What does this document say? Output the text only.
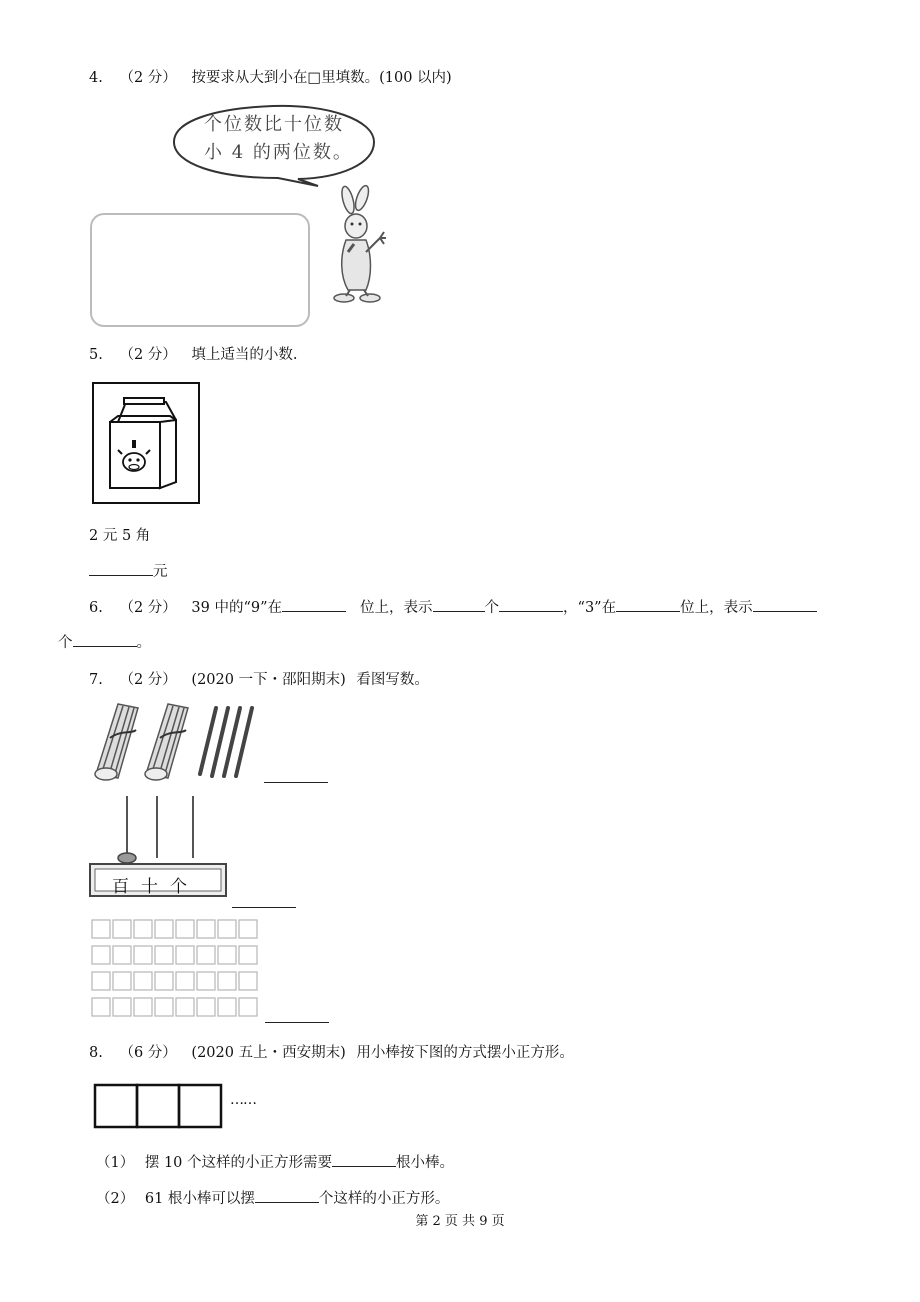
4. （2 分） 按要求从大到小在□里填数。(100 以内)
个位数比十位数
小 4 的两位数。
5. （2 分） 填上适当的小数.
2 元 5 角
元
6. （2 分） 39 中的“9”在	位上，表示	个	，“3”在	位上，表示
个	。
7. （2 分） (2020 一下・邵阳期末) 看图写数。
百十个
8. （6 分） (2020 五上・西安期末) 用小棒按下图的方式摆小正方形。
……
（1） 摆 10 个这样的小正方形需要	根小棒。
（2） 61 根小棒可以摆	个这样的小正方形。
第 2 页 共 9 页
